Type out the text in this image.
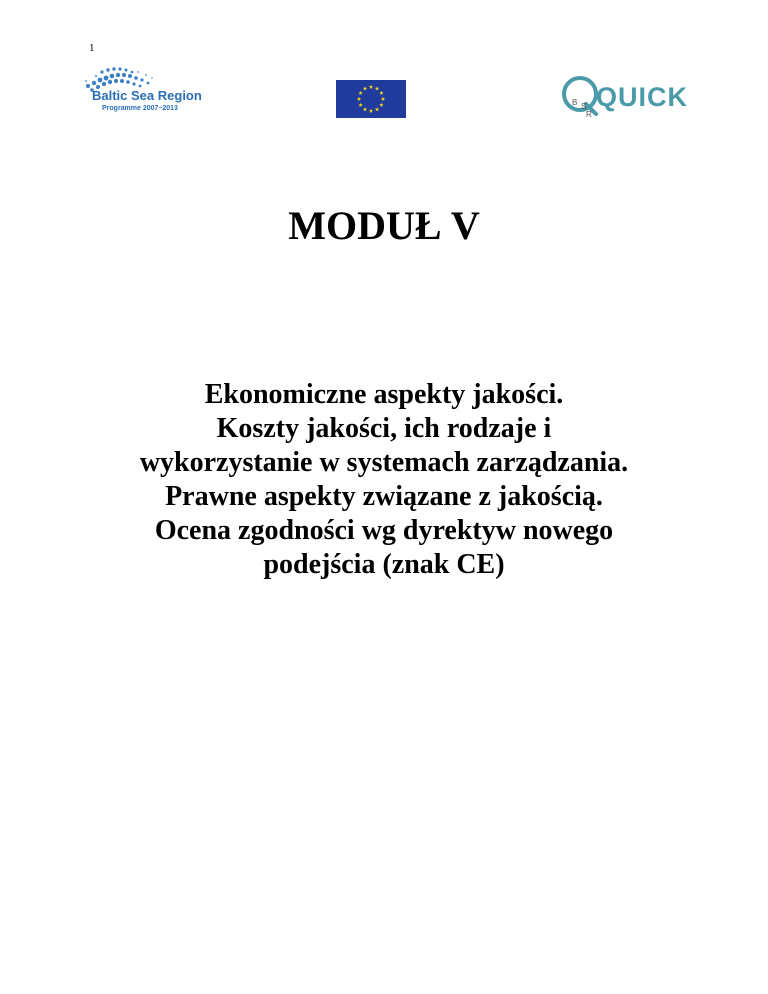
1
Baltic Sea Region
Programme 2007–2013
B S
R
QUICK
MODUŁ V
Ekonomiczne aspekty jakości.
Koszty jakości, ich rodzaje i
wykorzystanie w systemach zarządzania.
Prawne aspekty związane z jakością.
Ocena zgodności wg dyrektyw nowego
podejścia (znak CE)
